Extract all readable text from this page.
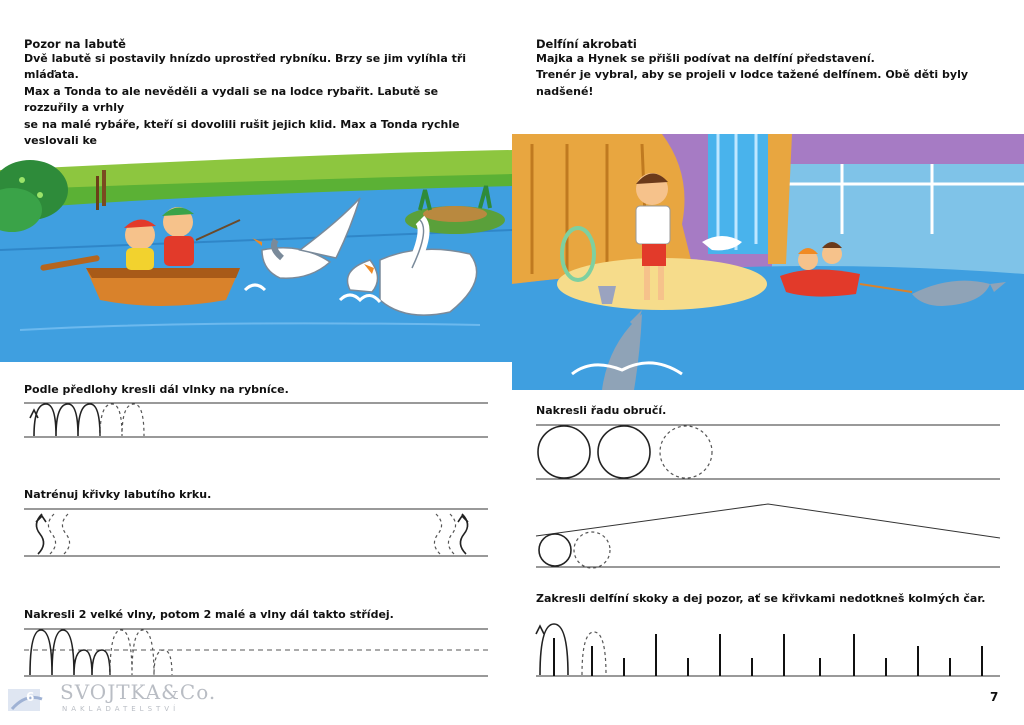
Pozor na labutě
Dvě labutě si postavily hnízdo uprostřed rybníku. Brzy se jim vylíhla tři mláďata.
Max a Tonda to ale nevěděli a vydali se na lodce rybařit. Labutě se rozzuřily a vrhly
se na malé rybáře, kteří si dovolili rušit jejich klid. Max a Tonda rychle veslovali ke
Podle předlohy kresli dál vlnky na rybníce.
Natrénuj křivky labutího krku.
Nakresli 2 velké vlny, potom 2 malé a vlny dál takto střídej.
6 SVOJTKA&Co.
NAKLADATELSTVÍ
Delfíní akrobati
Majka a Hynek se přišli podívat na delfíní představení.
Trenér je vybral, aby se projeli v lodce tažené delfínem. Obě děti byly nadšené!
Nakresli řadu obručí.
Zakresli delfíní skoky a dej pozor, ať se křivkami nedotkneš kolmých čar.
7
